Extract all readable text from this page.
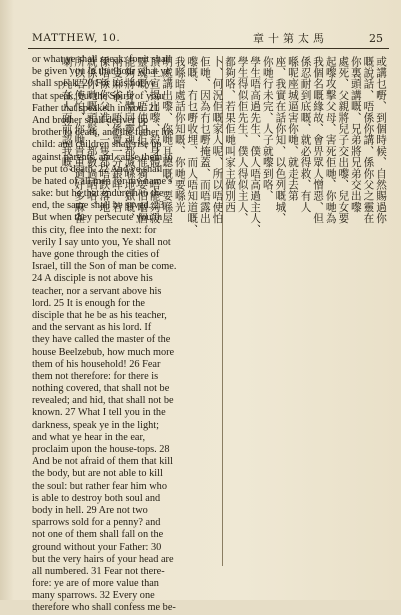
MATTHEW, 10.	章十第太馬	25
or what ye shall speak: for it shall
be given you in that hour what ye
shall speak. 20 For it is not ye
that speak, but the Spirit of your
Father that speaketh in you. 21
And brother shall deliver up
brother to death, and the father his
child: and children shall rise up
against parents, and cause them to
be put to death. 22 And ye shall
be hated of all men for my name's
sake: but he that endureth to the
end, the same shall be saved. 23
But when they persecute you in
this city, flee into the next: for
verily I say unto you, Ye shall not
have gone through the cities of
Israel, till the Son of man be come.
24 A disciple is not above his
teacher, nor a servant above his
lord. 25 It is enough for the
disciple that he be as his teacher,
and the servant as his lord. If
they have called the master of the
house Beelzebub, how much more
them of his household! 26 Fear
them not therefore: for there is
nothing covered, that shall not be
revealed; and hid, that shall not be
known. 27 What I tell you in the
darkness, speak ye in the light;
and what ye hear in the ear,
proclaim upon the house-tops. 28
And be not afraid of them that kill
the body, but are not able to kill
the soul: but rather fear him who
is able to destroy both soul and
body in hell. 29 Are not two
sparrows sold for a penny? and
not one of them shall fall on the
ground without your Father: 30
but the very hairs of your head are
all numbered. 31 Fear not there-
fore: ye are of more value than
many sparrows. 32 Every one
therefore who shall confess me be-
或講乜嘢、到個時候、自然賜過你
嘅說話、唔係你講、係你父之靈在
你裏頭講嘅、兄弟將兄弟交出嚟
處死、父親將兒子交出嚟、兒女要
起嚟攻擊父母、害死佢哋、你哋為
我個名嘅緣故、會畀眾人憎惡、但
係忍耐到底嘅、就必得救、有人
喺呢座城逼害你哋、就走去第
座、我實在話你知、以色列嘅城、
你哋行未完、人子就嚟到咯、
學生唔高過先生、僕人唔高過主人、
學生得似佢先生、僕人得似主人、
都夠咯、若果佢哋叫家主做別西
卜、何況佢嘅家人呢、所以唔使怕
佢哋、因為冇乜嘢掩蓋、而唔露出
嚟嘅、冇乜嘢收埋、而人唔知道嘅、
我喺暗處話你知嘅、你哋要喺光
明處講出嚟、你哋耳聽嘅、要喺屋
頂上宣揚出嚟、殺身體、唔能夠殺
靈魂嘅、唔使怕佢、惟獨要怕嗰個
能夠將身體同靈魂都滅喺地獄嘅、
兩隻麻雀、唔係賣一分銀咩、若
係唔係你父准、一隻都唔跌落地、
就係你哋嘅頭髮、都數過晒咯、
所以唔使怕、你哋貴重過好多麻雀
喇、凡在人面前認我嘅、
